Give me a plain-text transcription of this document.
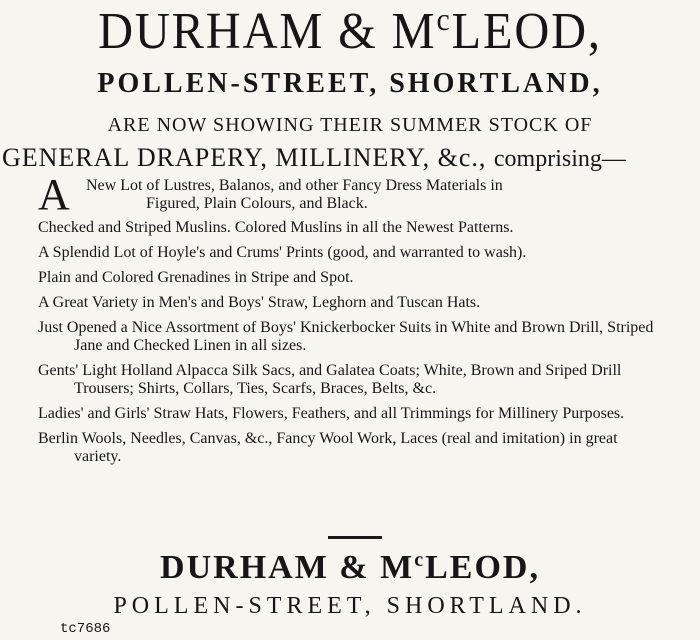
DURHAM & $M^cLEOD$,
POLLEN-STREET, SHORTLAND,
ARE NOW SHOWING THEIR SUMMER STOCK OF
GENERAL DRAPERY, MILLINERY, &c., comprising—
A New Lot of Lustres, Balanos, and other Fancy Dress Materials in
Figured, Plain Colours, and Black.
Checked and Striped Muslins. Colored Muslins in all the Newest Patterns.
A Splendid Lot of Hoyle's and Crums' Prints (good, and warranted to wash).
Plain and Colored Grenadines in Stripe and Spot.
A Great Variety in Men's and Boys' Straw, Leghorn and Tuscan Hats.
Just Opened a Nice Assortment of Boys' Knickerbocker Suits in White and Brown Drill, Striped Jane and Checked Linen in all sizes.
Gents' Light Holland Alpacca Silk Sacs, and Galatea Coats; White, Brown and Sriped Drill Trousers; Shirts, Collars, Ties, Scarfs, Braces, Belts, &c.
Ladies' and Girls' Straw Hats, Flowers, Feathers, and all Trimmings for Millinery Purposes.
Berlin Wools, Needles, Canvas, &c., Fancy Wool Work, Laces (real and imitation) in great variety.
DURHAM & $M^cLEOD$,
POLLEN-STREET, SHORTLAND.
tc7686
